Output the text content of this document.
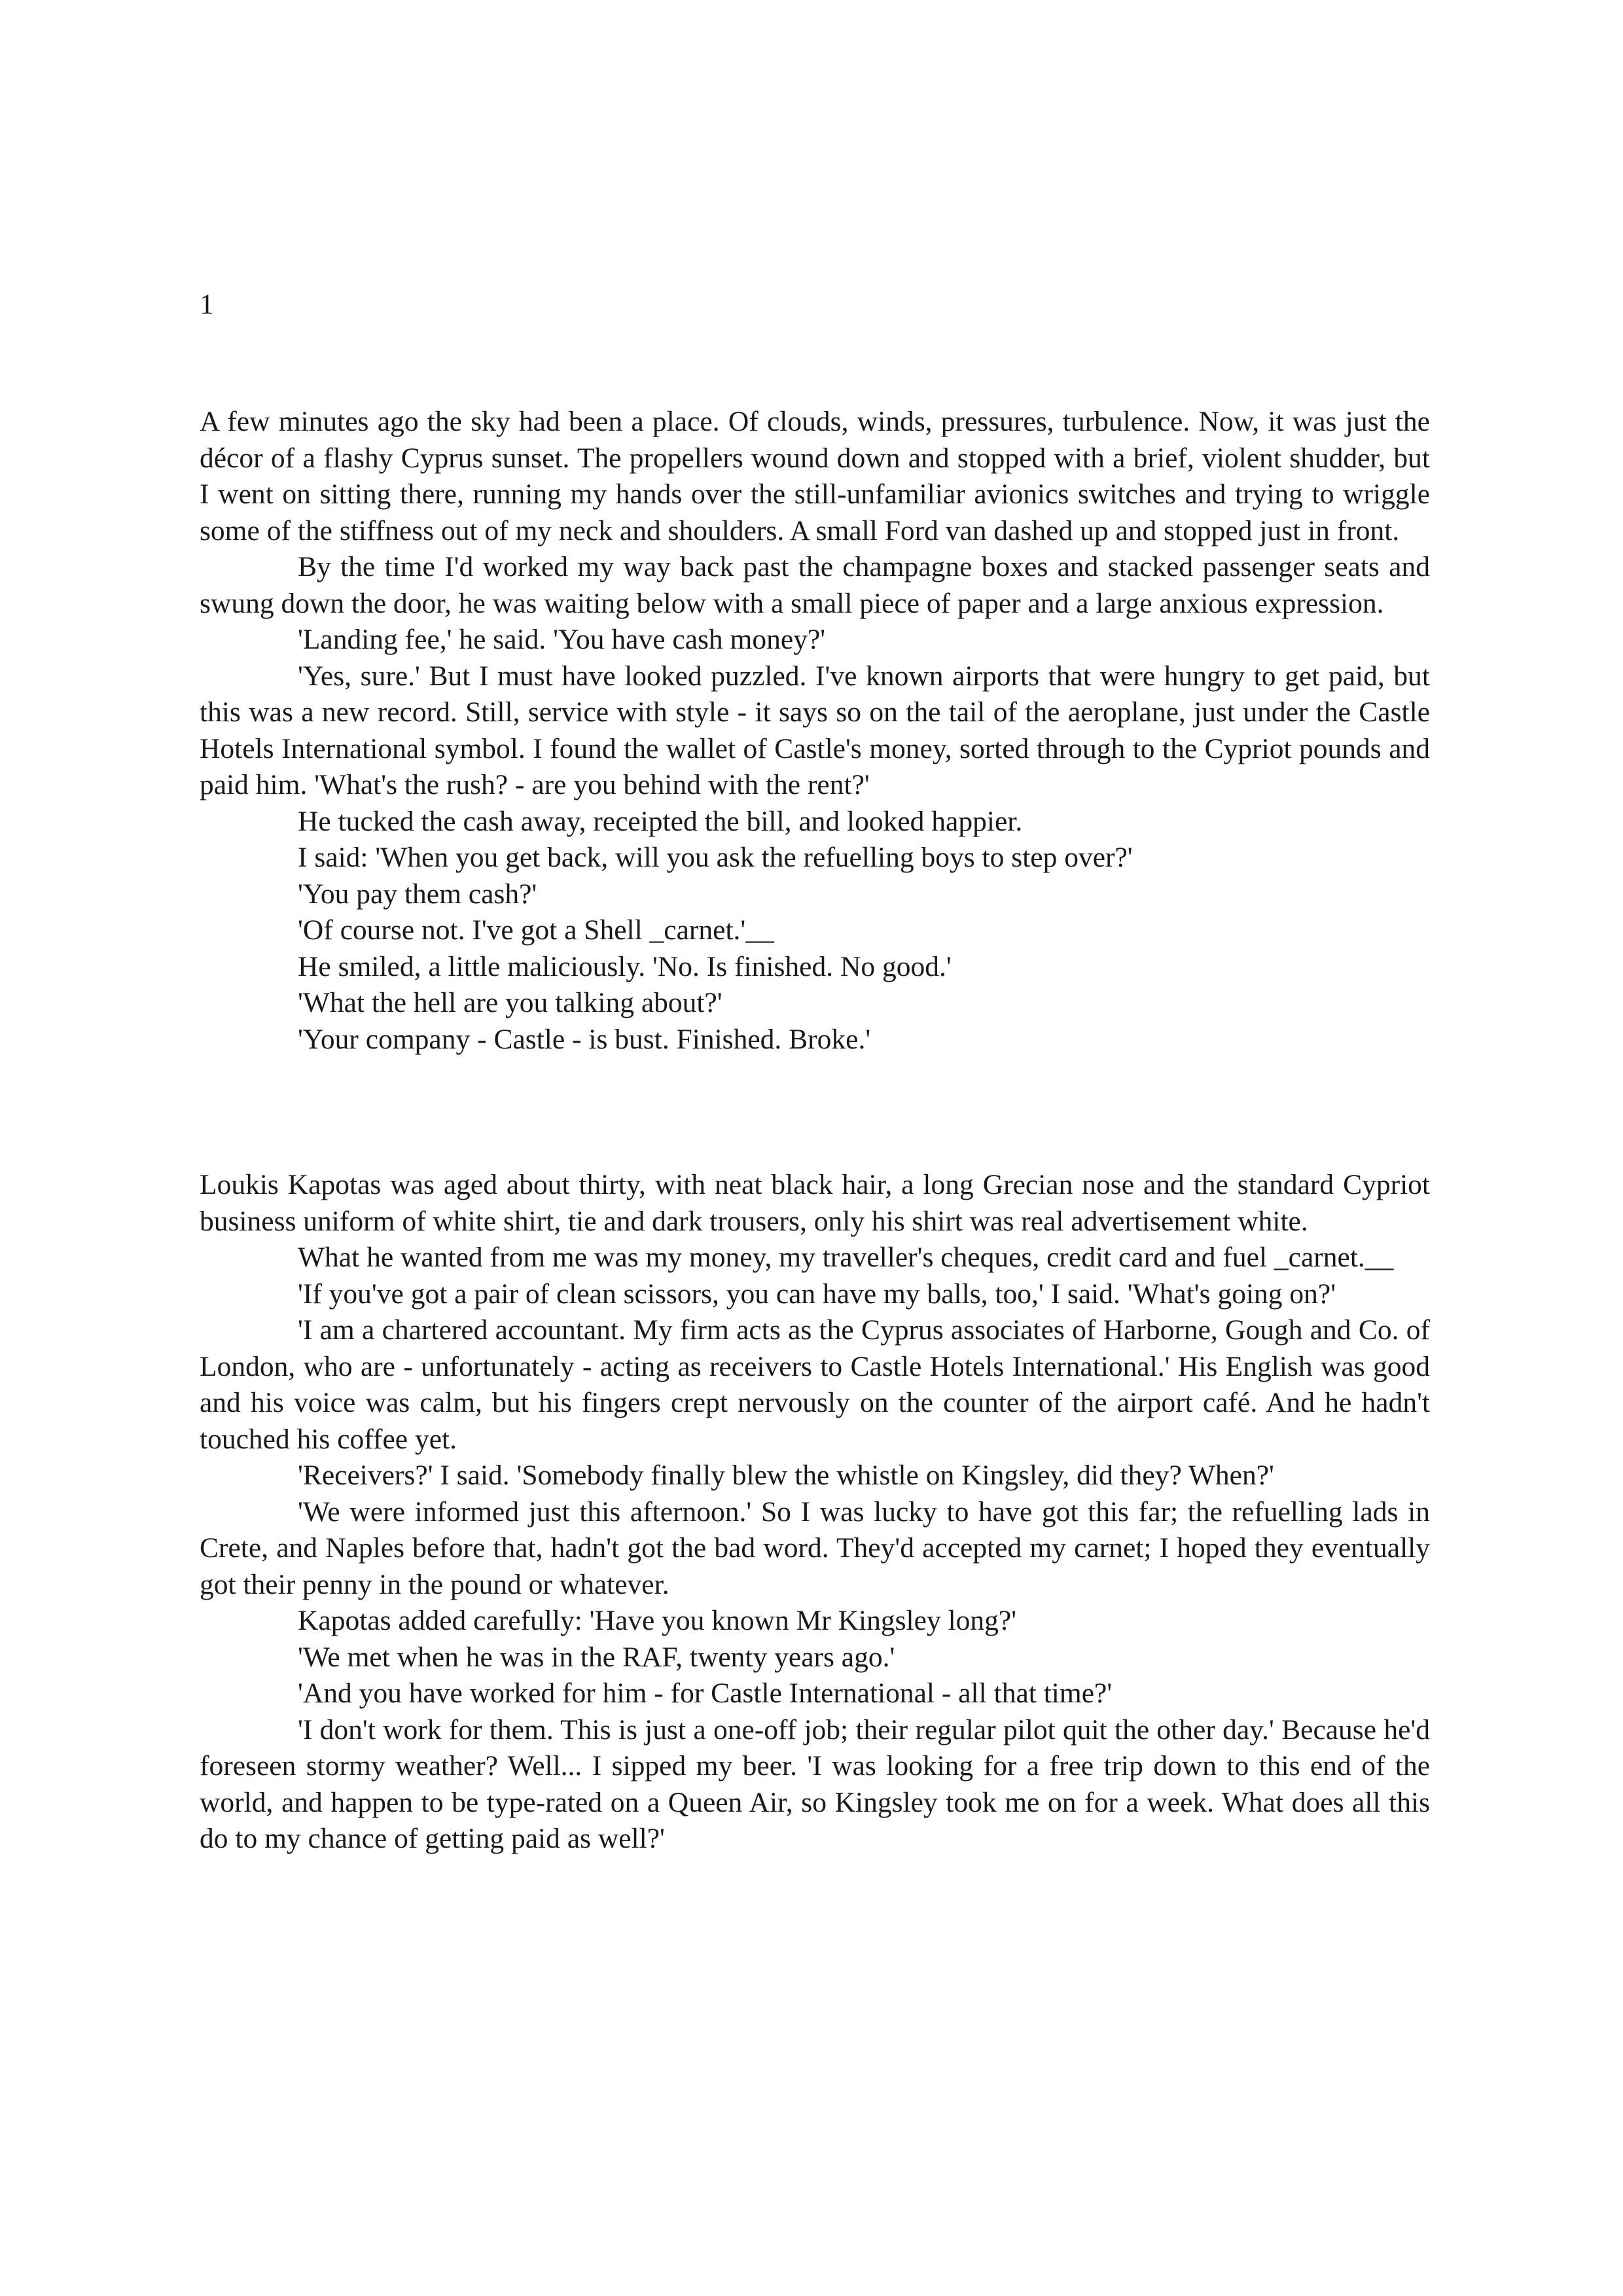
1

A few minutes ago the sky had been a place. Of clouds, winds, pressures, turbulence. Now, it was just the décor of a flashy Cyprus sunset. The propellers wound down and stopped with a brief, violent shudder, but I went on sitting there, running my hands over the still-unfamiliar avionics switches and trying to wriggle some of the stiffness out of my neck and shoulders. A small Ford van dashed up and stopped just in front.

By the time I'd worked my way back past the champagne boxes and stacked passenger seats and swung down the door, he was waiting below with a small piece of paper and a large anxious expression.

'Landing fee,' he said. 'You have cash money?'

'Yes, sure.' But I must have looked puzzled. I've known airports that were hungry to get paid, but this was a new record. Still, service with style - it says so on the tail of the aeroplane, just under the Castle Hotels International symbol. I found the wallet of Castle's money, sorted through to the Cypriot pounds and paid him. 'What's the rush? - are you behind with the rent?'

He tucked the cash away, receipted the bill, and looked happier.

I said: 'When you get back, will you ask the refuelling boys to step over?'

'You pay them cash?'

'Of course not. I've got a Shell _carnet.'__

He smiled, a little maliciously. 'No. Is finished. No good.'

'What the hell are you talking about?'

'Your company - Castle - is bust. Finished. Broke.'

Loukis Kapotas was aged about thirty, with neat black hair, a long Grecian nose and the standard Cypriot business uniform of white shirt, tie and dark trousers, only his shirt was real advertisement white.

What he wanted from me was my money, my traveller's cheques, credit card and fuel _carnet.__

'If you've got a pair of clean scissors, you can have my balls, too,' I said. 'What's going on?'

'I am a chartered accountant. My firm acts as the Cyprus associates of Harborne, Gough and Co. of London, who are - unfortunately - acting as receivers to Castle Hotels International.' His English was good and his voice was calm, but his fingers crept nervously on the counter of the airport café. And he hadn't touched his coffee yet.

'Receivers?' I said. 'Somebody finally blew the whistle on Kingsley, did they? When?'

'We were informed just this afternoon.' So I was lucky to have got this far; the refuelling lads in Crete, and Naples before that, hadn't got the bad word. They'd accepted my carnet; I hoped they eventually got their penny in the pound or whatever.

Kapotas added carefully: 'Have you known Mr Kingsley long?'

'We met when he was in the RAF, twenty years ago.'

'And you have worked for him - for Castle International - all that time?'

'I don't work for them. This is just a one-off job; their regular pilot quit the other day.' Because he'd foreseen stormy weather? Well... I sipped my beer. 'I was looking for a free trip down to this end of the world, and happen to be type-rated on a Queen Air, so Kingsley took me on for a week. What does all this do to my chance of getting paid as well?'
